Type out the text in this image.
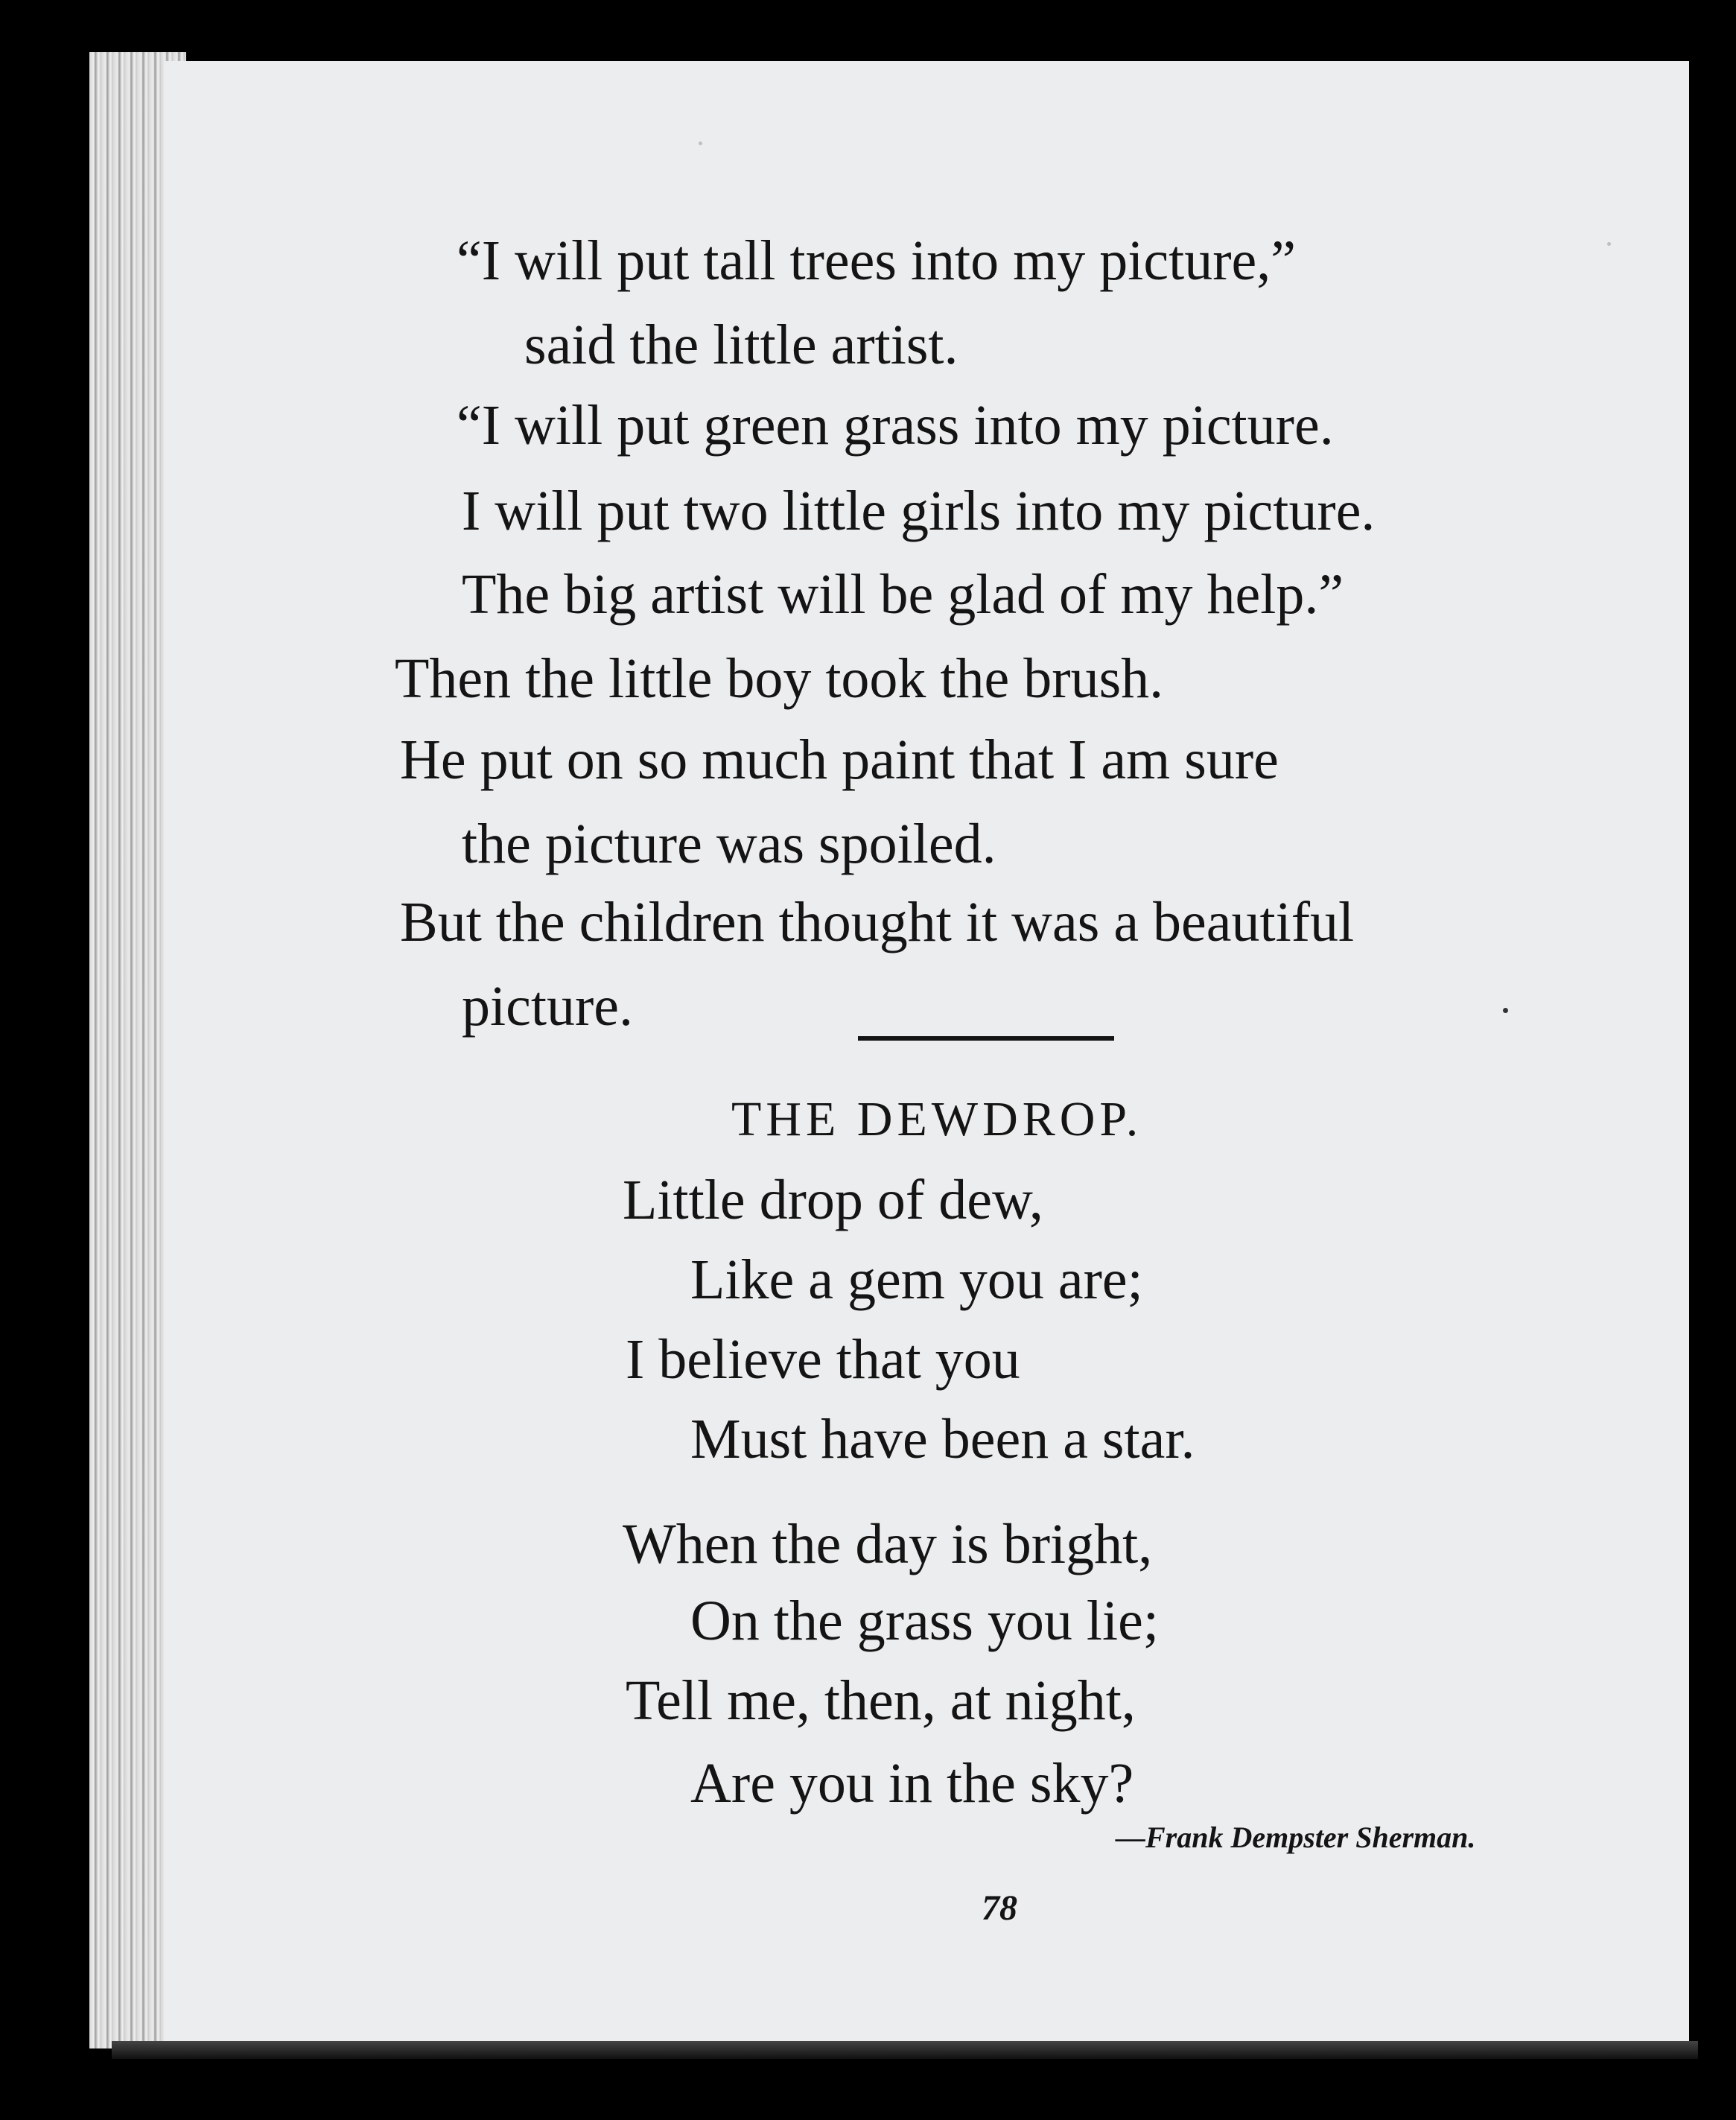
“I will put tall trees into my picture,”

said the little artist.

“I will put green grass into my picture.

I will put two little girls into my picture.

The big artist will be glad of my help.”

Then the little boy took the brush.

He put on so much paint that I am sure

the picture was spoiled.

But the children thought it was a beautiful

picture.

THE DEWDROP.

Little drop of dew,

Like a gem you are;

I believe that you

Must have been a star.

When the day is bright,

On the grass you lie;

Tell me, then, at night,

Are you in the sky?

—Frank Dempster Sherman.

78
